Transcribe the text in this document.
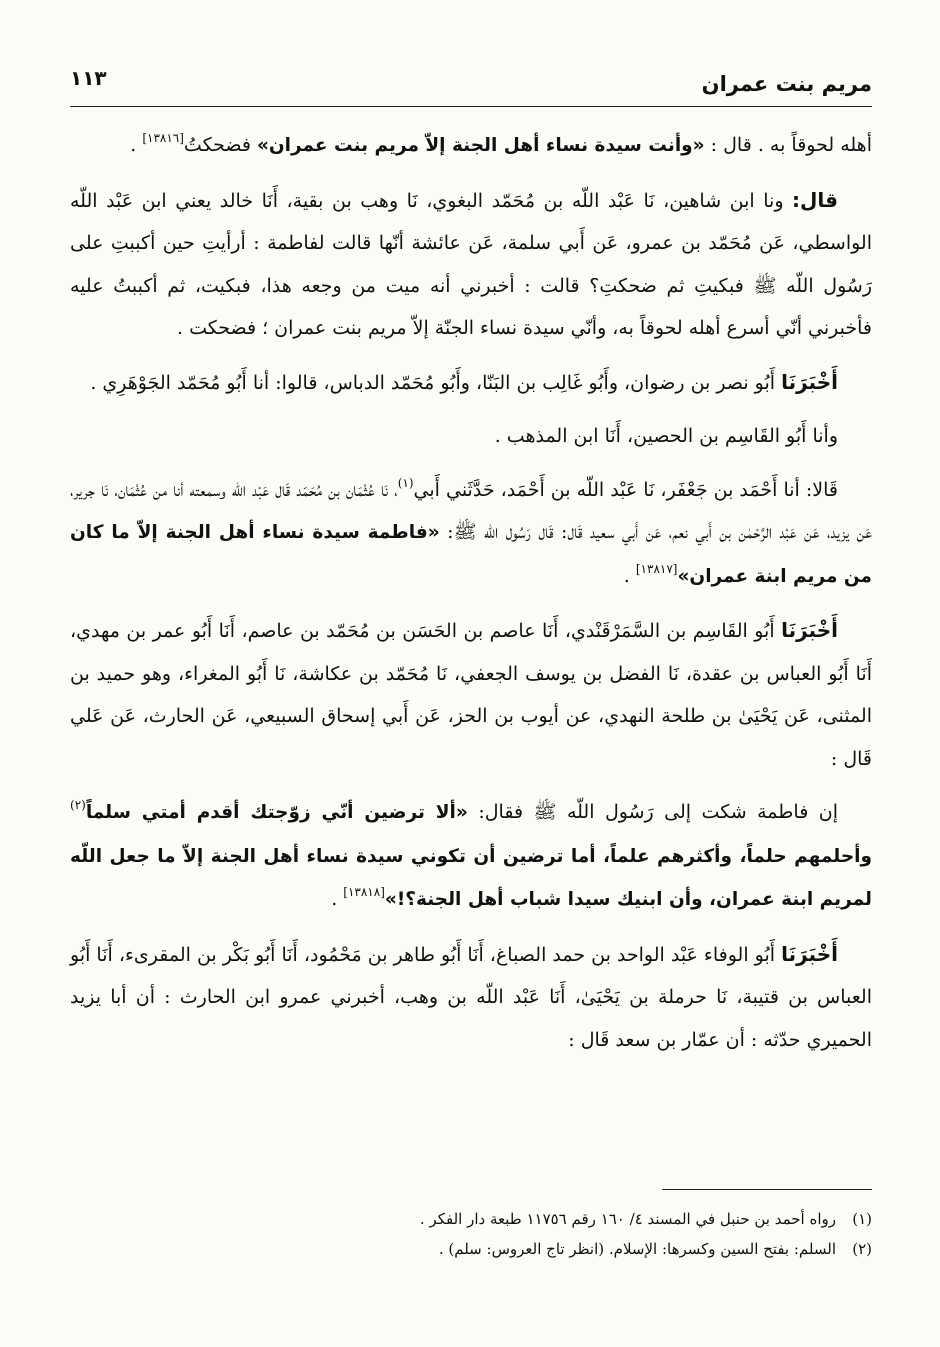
مريم بنت عمران
١١٣

أهله لحوقاً به . قال : «وأنت سيدة نساء أهل الجنة إلاّ مريم بنت عمران» فضحكتُ[١٣٨١٦] .

قال: ونا ابن شاهين، نَا عَبْد اللّه بن مُحَمّد البغوي، نَا وهب بن بقية، أَنَا خالد يعني ابن عَبْد اللّه الواسطي، عَن مُحَمّد بن عمرو، عَن أَبي سلمة، عَن عائشة أنّها قالت لفاطمة : أرأيتِ حين أكببتِ على رَسُول اللّه ﷺ فبكيتِ ثم ضحكتِ؟ قالت : أخبرني أنه ميت من وجعه هذا، فبكيت، ثم أكببتُ عليه فأخبرني أنّي أسرع أهله لحوقاً به، وأنّي سيدة نساء الجنّة إلاّ مريم بنت عمران ؛ فضحكت .

أَخْبَرَنَا أَبُو نصر بن رضوان، وأَبُو غَالِب بن البَنّا، وأَبُو مُحَمّد الدباس، قالوا: أنا أَبُو مُحَمّد الجَوْهَرِي .

وأنا أَبُو القَاسِم بن الحصين، أَنَا ابن المذهب .

قَالا: أنا أَحْمَد بن جَعْفَر، نَا عَبْد اللّه بن أَحْمَد، حَدَّثَني أَبي$^{(١)}$، نَا عُثْمَان بن مُحَمّد قَال عَبْد اللّه وسمعته أنا من عُثْمَان، نَا جرير، عَن يزيد، عَن عَبْد الرَّحْمٰن بن أَبي نعم، عَن أَبي سعيد قَال: قَال رَسُول اللّه ﷺ: «فاطمة سيدة نساء أهل الجنة إلاّ ما كان من مريم ابنة عمران»[١٣٨١٧] .

أَخْبَرَنَا أَبُو القَاسِم بن السَّمَرْقَنْدي، أَنَا عاصم بن الحَسَن بن مُحَمّد بن عاصم، أَنَا أَبُو عمر بن مهدي، أَنَا أَبُو العباس بن عقدة، نَا الفضل بن يوسف الجعفي، نَا مُحَمّد بن عكاشة، نَا أَبُو المغراء، وهو حميد بن المثنى، عَن يَحْيَىٰ بن طلحة النهدي، عن أيوب بن الحز، عَن أَبي إسحاق السبيعي، عَن الحارث، عَن عَلي قَال :

إن فاطمة شكت إلى رَسُول اللّه ﷺ فقال: «ألا ترضين أنّي زوّجتك أقدم أمتي سلماً$^{(٢)}$ وأحلمهم حلماً، وأكثرهم علماً، أما ترضين أن تكوني سيدة نساء أهل الجنة إلاّ ما جعل اللّه لمريم ابنة عمران، وأن ابنيك سيدا شباب أهل الجنة؟!»[١٣٨١٨] .

أَخْبَرَنَا أَبُو الوفاء عَبْد الواحد بن حمد الصباغ، أَنَا أَبُو طاهر بن مَحْمُود، أَنَا أَبُو بَكْر بن المقرىء، أَنَا أَبُو العباس بن قتيبة، نَا حرملة بن يَحْيَىٰ، أَنَا عَبْد اللّه بن وهب، أخبرني عمرو ابن الحارث : أن أبا يزيد الحميري حدّثه : أن عمّار بن سعد قَال :

(١)رواه أحمد بن حنبل في المسند ٤/ ١٦٠ رقم ١١٧٥٦ طبعة دار الفكر .
(٢)السلم: بفتح السين وكسرها: الإسلام. (انظر تاج العروس: سلم) .
